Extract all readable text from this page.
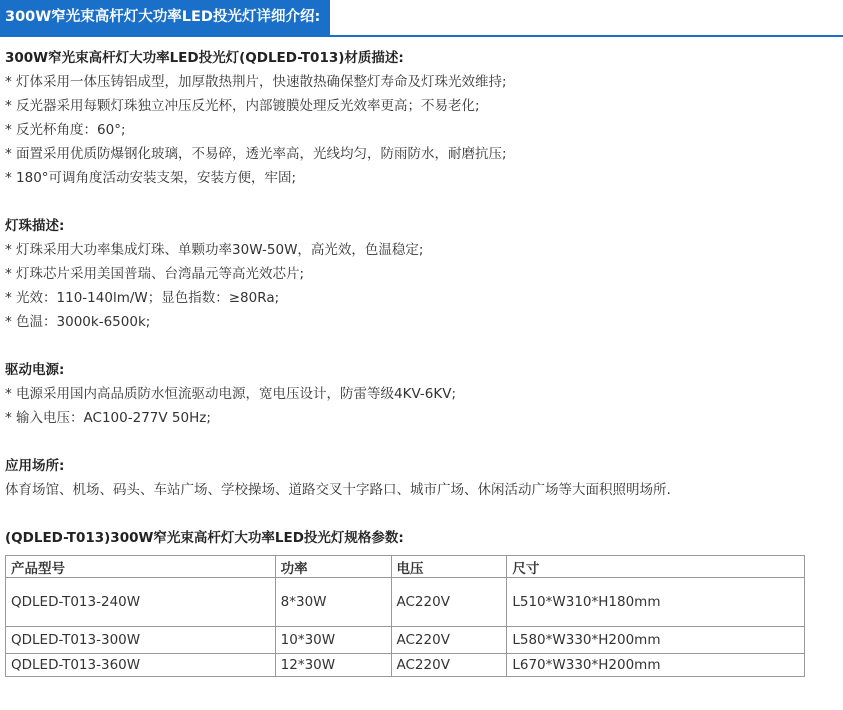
300W窄光束高杆灯大功率LED投光灯详细介绍:
300W窄光束高杆灯大功率LED投光灯(QDLED-T013)材质描述:
* 灯体采用一体压铸铝成型，加厚散热荆片，快速散热确保整灯寿命及灯珠光效维持;
* 反光器采用每颗灯珠独立冲压反光杯，内部镀膜处理反光效率更高；不易老化;
* 反光杯角度：60°;
* 面置采用优质防爆钢化玻璃，不易碎，透光率高，光线均匀，防雨防水，耐磨抗压;
* 180°可调角度活动安装支架，安装方便，牢固;
灯珠描述:
* 灯珠采用大功率集成灯珠、单颗功率30W-50W，高光效，色温稳定;
* 灯珠芯片采用美国普瑞、台湾晶元等高光效芯片;
* 光效：110-140lm/W；显色指数：≥80Ra;
* 色温：3000k-6500k;
驱动电源:
* 电源采用国内高品质防水恒流驱动电源，宽电压设计，防雷等级4KV-6KV;
* 输入电压：AC100-277V 50Hz;
应用场所:
体育场馆、机场、码头、车站广场、学校操场、道路交叉十字路口、城市广场、休闲活动广场等大面积照明场所.
(QDLED-T013)300W窄光束高杆灯大功率LED投光灯规格参数:
产品型号	功率	电压	尺寸
QDLED-T013-240W	8*30W	AC220V	L510*W310*H180mm
QDLED-T013-300W	10*30W	AC220V	L580*W330*H200mm
QDLED-T013-360W	12*30W	AC220V	L670*W330*H200mm
